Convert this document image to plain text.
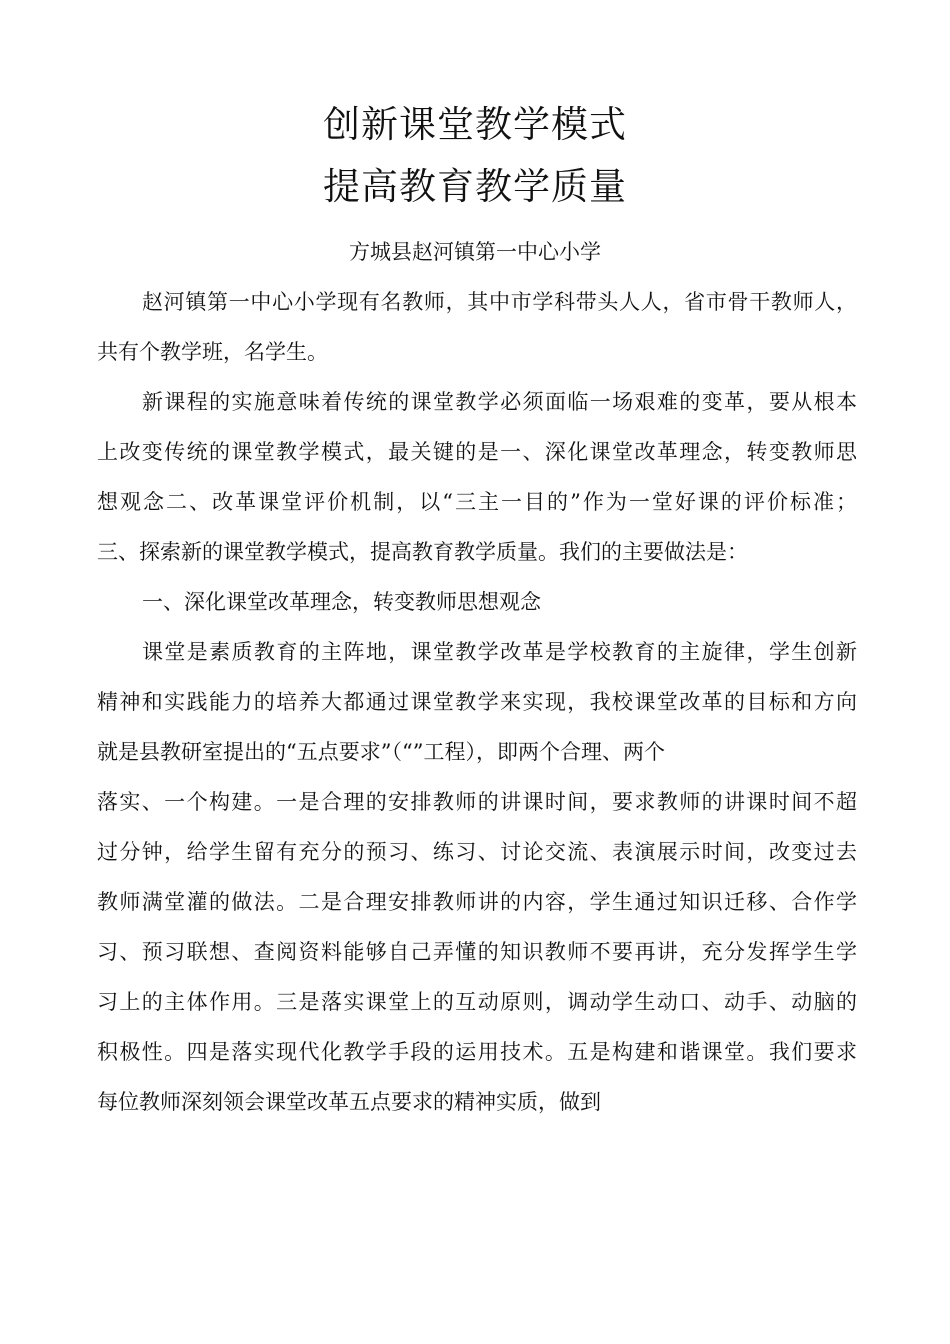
创新课堂教学模式
提高教育教学质量

方城县赵河镇第一中心小学

赵河镇第一中心小学现有名教师，其中市学科带头人人，省市骨干教师人，

共有个教学班，名学生。

新课程的实施意味着传统的课堂教学必须面临一场艰难的变革，要从根本

上改变传统的课堂教学模式，最关键的是一、深化课堂改革理念，转变教师思

想观念二、改革课堂评价机制，以“三主一目的”作为一堂好课的评价标准；

三、探索新的课堂教学模式，提高教育教学质量。我们的主要做法是：

一、深化课堂改革理念，转变教师思想观念

课堂是素质教育的主阵地，课堂教学改革是学校教育的主旋律，学生创新

精神和实践能力的培养大都通过课堂教学来实现，我校课堂改革的目标和方向

就是县教研室提出的“五点要求”（“”工程），即两个合理、两个

落实、一个构建。一是合理的安排教师的讲课时间，要求教师的讲课时间不超

过分钟，给学生留有充分的预习、练习、讨论交流、表演展示时间，改变过去

教师满堂灌的做法。二是合理安排教师讲的内容，学生通过知识迁移、合作学

习、预习联想、查阅资料能够自己弄懂的知识教师不要再讲，充分发挥学生学

习上的主体作用。三是落实课堂上的互动原则，调动学生动口、动手、动脑的

积极性。四是落实现代化教学手段的运用技术。五是构建和谐课堂。我们要求

每位教师深刻领会课堂改革五点要求的精神实质，做到
